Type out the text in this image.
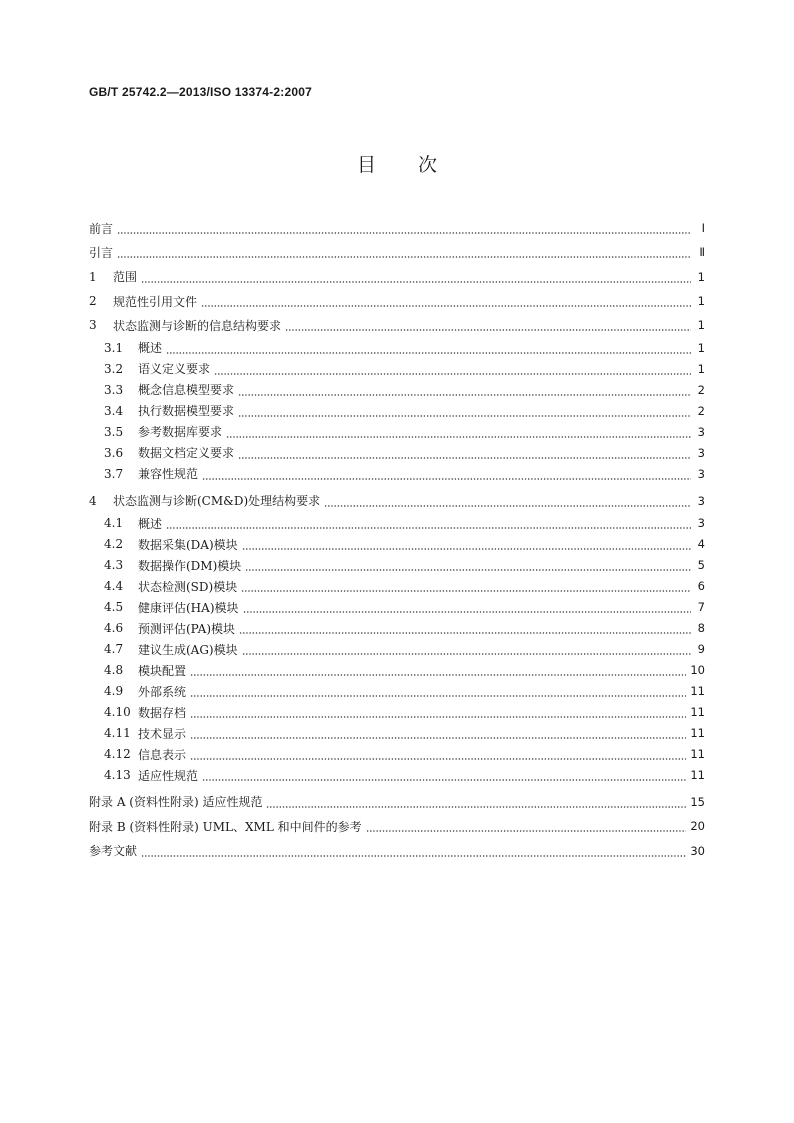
GB/T 25742.2—2013/ISO 13374-2:2007
目次
前言	Ⅰ
引言	Ⅱ
1	范围	1
2	规范性引用文件	1
3	状态监测与诊断的信息结构要求	1
3.1	概述	1
3.2	语义定义要求	1
3.3	概念信息模型要求	2
3.4	执行数据模型要求	2
3.5	参考数据库要求	3
3.6	数据文档定义要求	3
3.7	兼容性规范	3
4	状态监测与诊断(CM&D)处理结构要求	3
4.1	概述	3
4.2	数据采集(DA)模块	4
4.3	数据操作(DM)模块	5
4.4	状态检测(SD)模块	6
4.5	健康评估(HA)模块	7
4.6	预测评估(PA)模块	8
4.7	建议生成(AG)模块	9
4.8	模块配置	10
4.9	外部系统	11
4.10 数据存档	11
4.11 技术显示	11
4.12 信息表示	11
4.13 适应性规范	11
附录 A (资料性附录) 适应性规范	15
附录 B (资料性附录) UML、XML 和中间件的参考	20
参考文献	30
